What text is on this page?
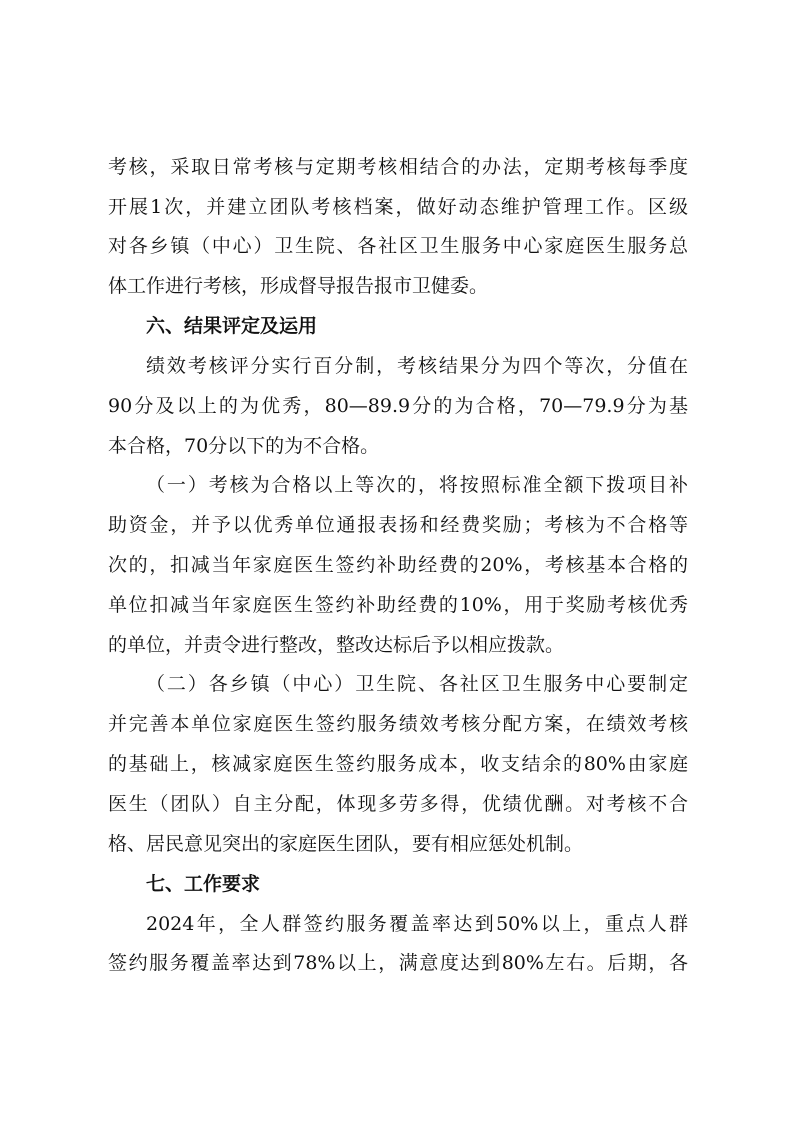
考核，采取日常考核与定期考核相结合的办法，定期考核每季度
开展1次，并建立团队考核档案，做好动态维护管理工作。区级
对各乡镇（中心）卫生院、各社区卫生服务中心家庭医生服务总
体工作进行考核，形成督导报告报市卫健委。
六、结果评定及运用
绩效考核评分实行百分制，考核结果分为四个等次，分值在
90分及以上的为优秀，80—89.9分的为合格，70—79.9分为基
本合格，70分以下的为不合格。
（一）考核为合格以上等次的，将按照标准全额下拨项目补
助资金，并予以优秀单位通报表扬和经费奖励；考核为不合格等
次的，扣减当年家庭医生签约补助经费的20%，考核基本合格的
单位扣减当年家庭医生签约补助经费的10%，用于奖励考核优秀
的单位，并责令进行整改，整改达标后予以相应拨款。
（二）各乡镇（中心）卫生院、各社区卫生服务中心要制定
并完善本单位家庭医生签约服务绩效考核分配方案，在绩效考核
的基础上，核减家庭医生签约服务成本，收支结余的80%由家庭
医生（团队）自主分配，体现多劳多得，优绩优酬。对考核不合
格、居民意见突出的家庭医生团队，要有相应惩处机制。
七、工作要求
2024年，全人群签约服务覆盖率达到50%以上，重点人群
签约服务覆盖率达到78%以上，满意度达到80%左右。后期，各
